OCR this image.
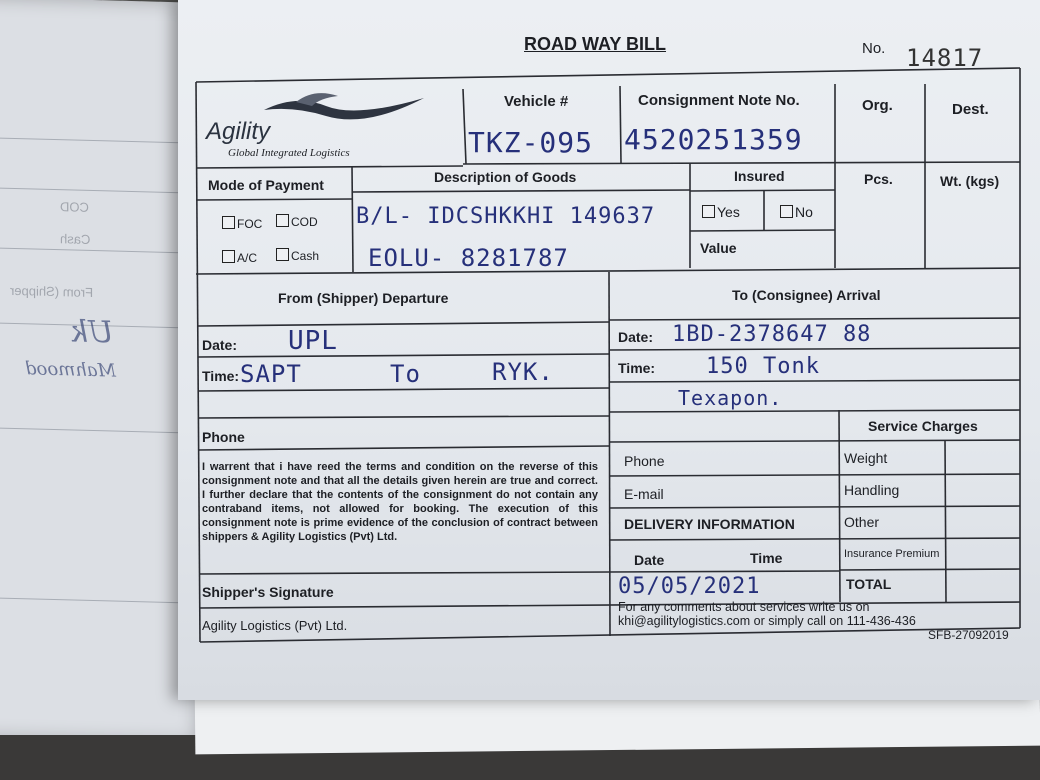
COD
Cash
From (Shipper
Uk
Mahmood
ROAD WAY BILL	No. 14817
Agility
Global Integrated Logistics
Vehicle #
TKZ-095
Consignment Note No.
4520251359
Org.	Dest.
Mode of Payment
FOC	COD
A/C	Cash
Description of Goods
B/L- IDCSHKKHI 149637
EOLU- 8281787
Insured
Yes	No
Value
Pcs.	Wt. (kgs)
From (Shipper) Departure
Date: UPL
Time: SAPT	To	RYK.
Phone
I warrent that i have reed the terms and condition on the reverse of this consignment note and that all the details given herein are true and correct. I further declare that the contents of the consignment do not contain any contraband items, not allowed for booking. The execution of this consignment note is prime evidence of the conclusion of contract between shippers & Agility Logistics (Pvt) Ltd.
Shipper's Signature
Agility Logistics (Pvt) Ltd.
To (Consignee) Arrival
Date: 1BD-2378647 88
Time: 150 Tonk
Texapon.
Phone
E-mail
DELIVERY INFORMATION
Date	Time
05/05/2021
For any comments about services write us on
khi@agilitylogistics.com or simply call on 111-436-436
Service Charges
Weight
Handling
Other
Insurance Premium
TOTAL
SFB-27092019
